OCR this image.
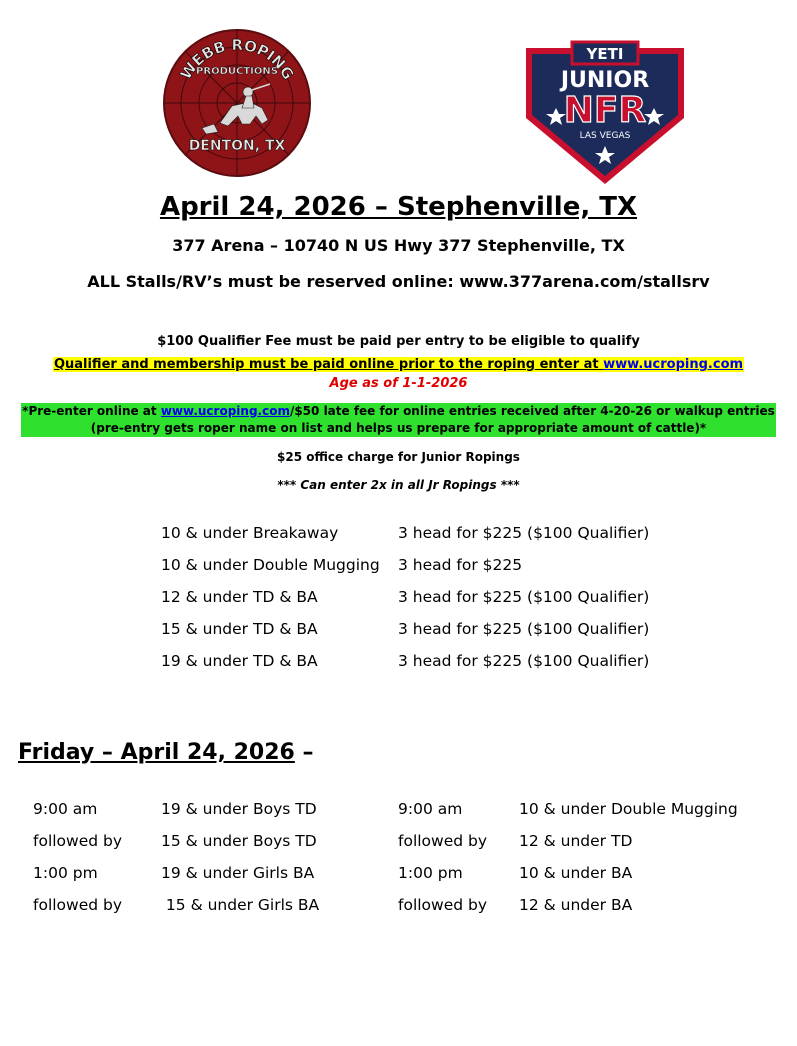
WEBB ROPING
PRODUCTIONS
DENTON, TX
YETI
JUNIOR
NFR
LAS VEGAS
April 24, 2026 – Stephenville, TX
377 Arena – 10740 N US Hwy 377 Stephenville, TX
ALL Stalls/RV’s must be reserved online: www.377arena.com/stallsrv
$100 Qualifier Fee must be paid per entry to be eligible to qualify
Qualifier and membership must be paid online prior to the roping enter at www.ucroping.com
Age as of 1-1-2026
*Pre-enter online at www.ucroping.com/$50 late fee for online entries received after 4-20-26 or walkup entries
(pre-entry gets roper name on list and helps us prepare for appropriate amount of cattle)*
$25 office charge for Junior Ropings
*** Can enter 2x in all Jr Ropings ***
10 & under Breakaway	3 head for $225 ($100 Qualifier)
10 & under Double Mugging 3 head for $225
12 & under TD & BA	3 head for $225 ($100 Qualifier)
15 & under TD & BA	3 head for $225 ($100 Qualifier)
19 & under TD & BA	3 head for $225 ($100 Qualifier)
Friday – April 24, 2026 –
9:00 am	19 & under Boys TD	9:00 am	10 & under Double Mugging
followed by	15 & under Boys TD	followed by 12 & under TD
1:00 pm	19 & under Girls BA	1:00 pm	10 & under BA
followed by	15 & under Girls BA	followed by 12 & under BA
